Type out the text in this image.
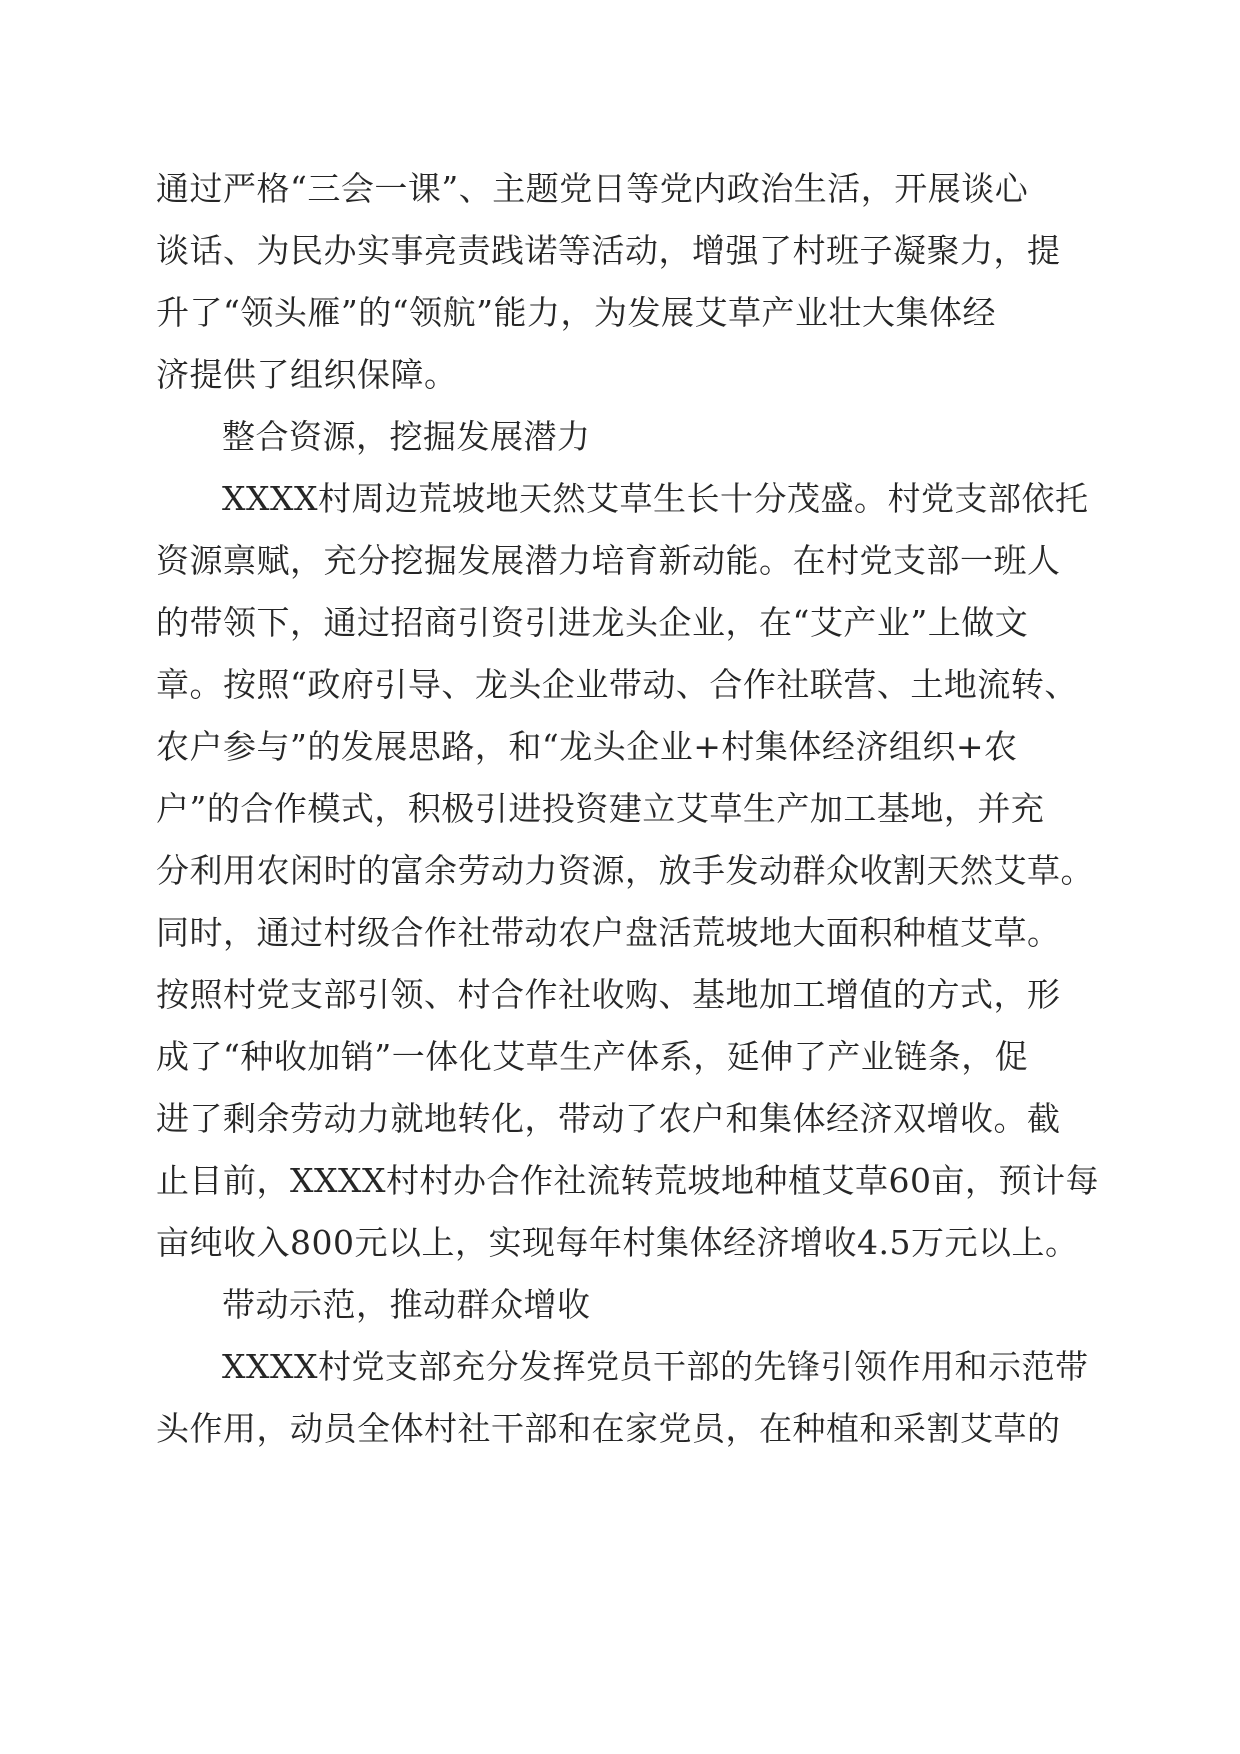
通过严格“三会一课”、主题党日等党内政治生活，开展谈心
谈话、为民办实事亮责践诺等活动，增强了村班子凝聚力，提
升了“领头雁”的“领航”能力，为发展艾草产业壮大集体经
济提供了组织保障。
整合资源，挖掘发展潜力
XXXX村周边荒坡地天然艾草生长十分茂盛。村党支部依托
资源禀赋，充分挖掘发展潜力培育新动能。在村党支部一班人
的带领下，通过招商引资引进龙头企业，在“艾产业”上做文
章。按照“政府引导、龙头企业带动、合作社联营、土地流转、
农户参与”的发展思路，和“龙头企业+村集体经济组织+农
户”的合作模式，积极引进投资建立艾草生产加工基地，并充
分利用农闲时的富余劳动力资源，放手发动群众收割天然艾草。
同时，通过村级合作社带动农户盘活荒坡地大面积种植艾草。
按照村党支部引领、村合作社收购、基地加工增值的方式，形
成了“种收加销”一体化艾草生产体系，延伸了产业链条，促
进了剩余劳动力就地转化，带动了农户和集体经济双增收。截
止目前，XXXX村村办合作社流转荒坡地种植艾草60亩，预计每
亩纯收入800元以上，实现每年村集体经济增收4.5万元以上。
带动示范，推动群众增收
XXXX村党支部充分发挥党员干部的先锋引领作用和示范带
头作用，动员全体村社干部和在家党员，在种植和采割艾草的
